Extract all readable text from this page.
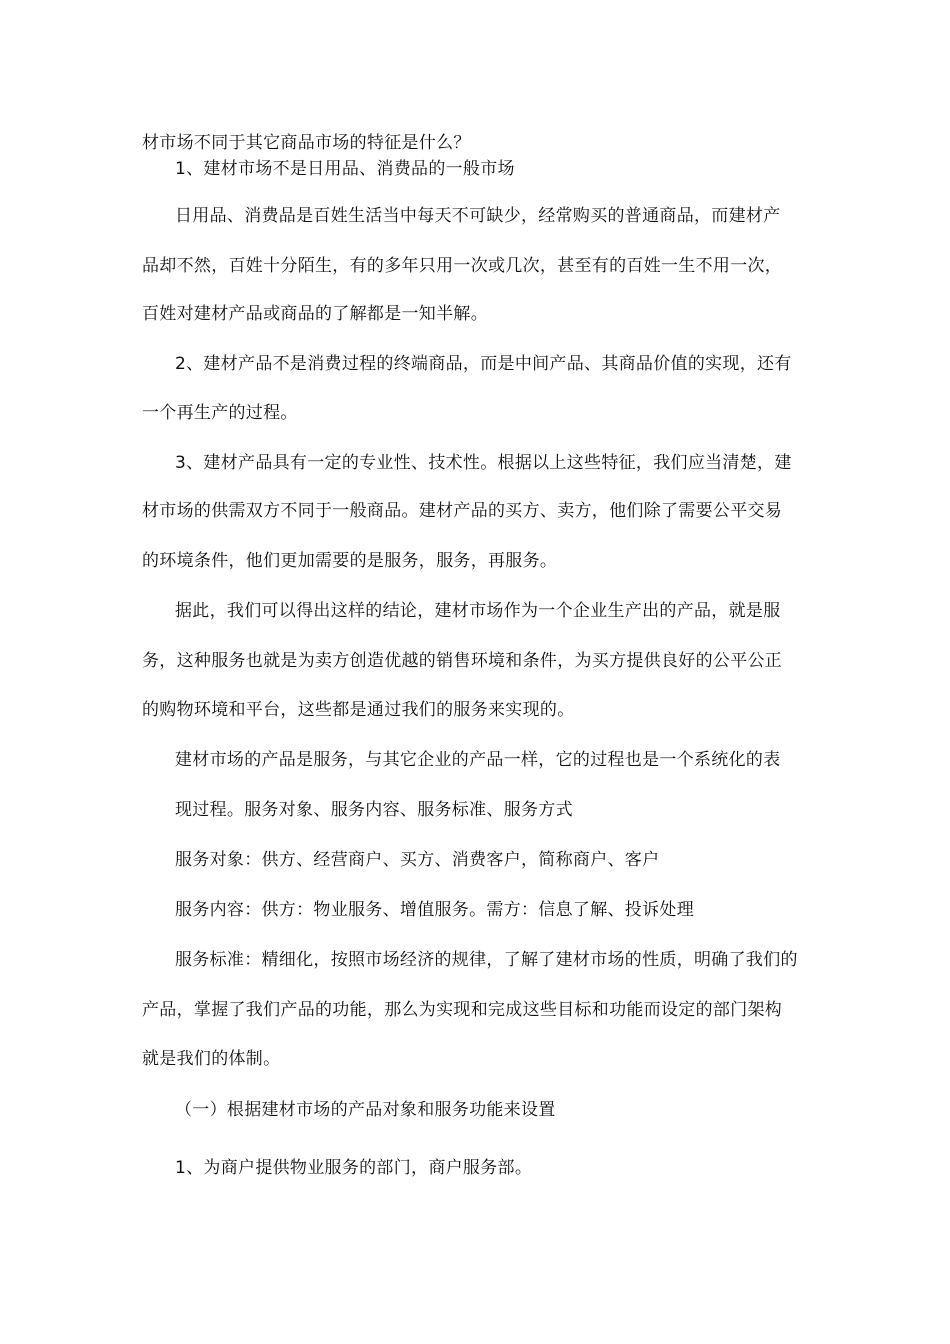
材市场不同于其它商品市场的特征是什么？
1、建材市场不是日用品、消费品的一般市场
日用品、消费品是百姓生活当中每天不可缺少，经常购买的普通商品，而建材产
品却不然，百姓十分陌生，有的多年只用一次或几次，甚至有的百姓一生不用一次，
百姓对建材产品或商品的了解都是一知半解。
2、建材产品不是消费过程的终端商品，而是中间产品、其商品价值的实现，还有
一个再生产的过程。
3、建材产品具有一定的专业性、技术性。根据以上这些特征，我们应当清楚，建
材市场的供需双方不同于一般商品。建材产品的买方、卖方，他们除了需要公平交易
的环境条件，他们更加需要的是服务，服务，再服务。
据此，我们可以得出这样的结论，建材市场作为一个企业生产出的产品，就是服
务，这种服务也就是为卖方创造优越的销售环境和条件，为买方提供良好的公平公正
的购物环境和平台，这些都是通过我们的服务来实现的。
建材市场的产品是服务，与其它企业的产品一样，它的过程也是一个系统化的表
现过程。服务对象、服务内容、服务标准、服务方式
服务对象：供方、经营商户、买方、消费客户，简称商户、客户
服务内容：供方：物业服务、增值服务。需方：信息了解、投诉处理
服务标准：精细化，按照市场经济的规律，了解了建材市场的性质，明确了我们的
产品，掌握了我们产品的功能，那么为实现和完成这些目标和功能而设定的部门架构
就是我们的体制。
（一）根据建材市场的产品对象和服务功能来设置
1、为商户提供物业服务的部门，商户服务部。
